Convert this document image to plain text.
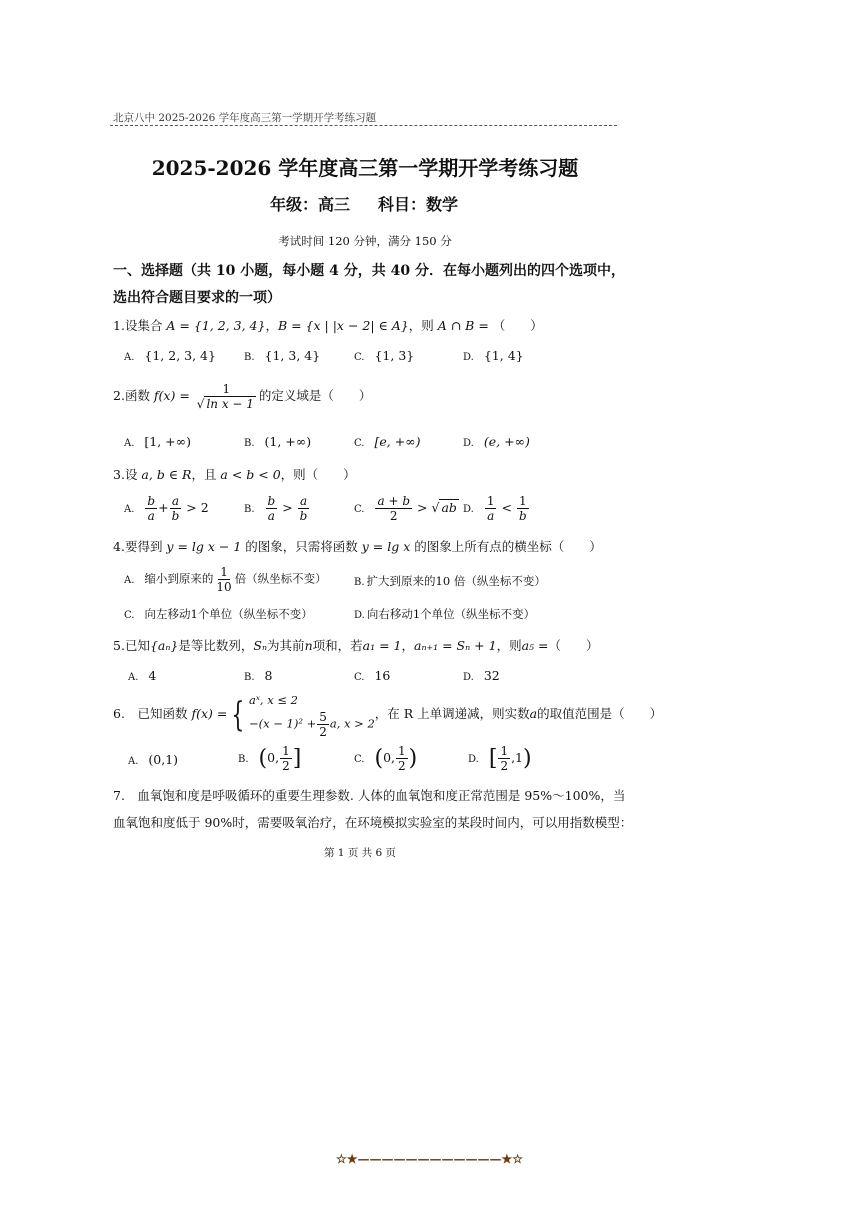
北京八中 2025-2026 学年度高三第一学期开学考练习题
2025-2026 学年度高三第一学期开学考练习题
年级：高三 科目：数学
考试时间 120 分钟，满分 150 分
一、选择题（共 10 小题，每小题 4 分，共 40 分．在每小题列出的四个选项中，选出符合题目要求的一项）
1.设集合 A = {1, 2, 3, 4}，B = {x | |x − 2| ∈ A}，则 A ∩ B = （　　）
A. {1, 2, 3, 4}	B. {1, 3, 4}	C. {1, 3}	D. {1, 4}
2.函数 $f(x) = \frac{1}{\text{√ ln x − 1}}$ 的定义域是（　　）
A. [1, +∞)	B. (1, +∞)	C. [e, +∞)	D. (e, +∞)
3.设 a, b ∈ R，且 a < b < 0，则（　　）
A. $\frac{b}{a} + \frac{a}{b} > 2$	B. $\frac{b}{a} > \frac{a}{b}$	C. $\frac{a + b}{2}$ > √ ab D. $\frac{1}{a} < \frac{1}{b}$
4.要得到 y = lg x − 1 的图象，只需将函数 y = lg x 的图象上所有点的横坐标（　　）
A. 缩小到原来的 $\frac{1}{10}$ 倍（纵坐标不变）	B. 扩大到原来的10 倍（纵坐标不变）
C. 向左移动1个单位（纵坐标不变）	D. 向右移动1个单位（纵坐标不变）
5.已知{aₙ}是等比数列，Sₙ为其前n项和，若a₁ = 1，aₙ₊₁ = Sₙ + 1，则a₅ =（　　）
A. 4	B. 8	C. 16	D. 32
6.　 已知函数 f(x) = { aˣ, x ≤ 2
$-(x - 1)^2 + \frac{5}{2} a$, x > 2
，在 R 上单调递减，则实数a的取值范围是（　　）
A. (0,1)	B. (0, $\frac{1}{2}$ ]	C. (0, $\frac{1}{2}$ )	D. [ $\frac{1}{2} ,1$)
7.　血氧饱和度是呼吸循环的重要生理参数. 人体的血氧饱和度正常范围是 95%～100%，当血氧饱和度低于 90%时，需要吸氧治疗，在环境模拟实验室的某段时间内，可以用指数模型：
第 1 页 共 6 页
☆★————————————★☆
